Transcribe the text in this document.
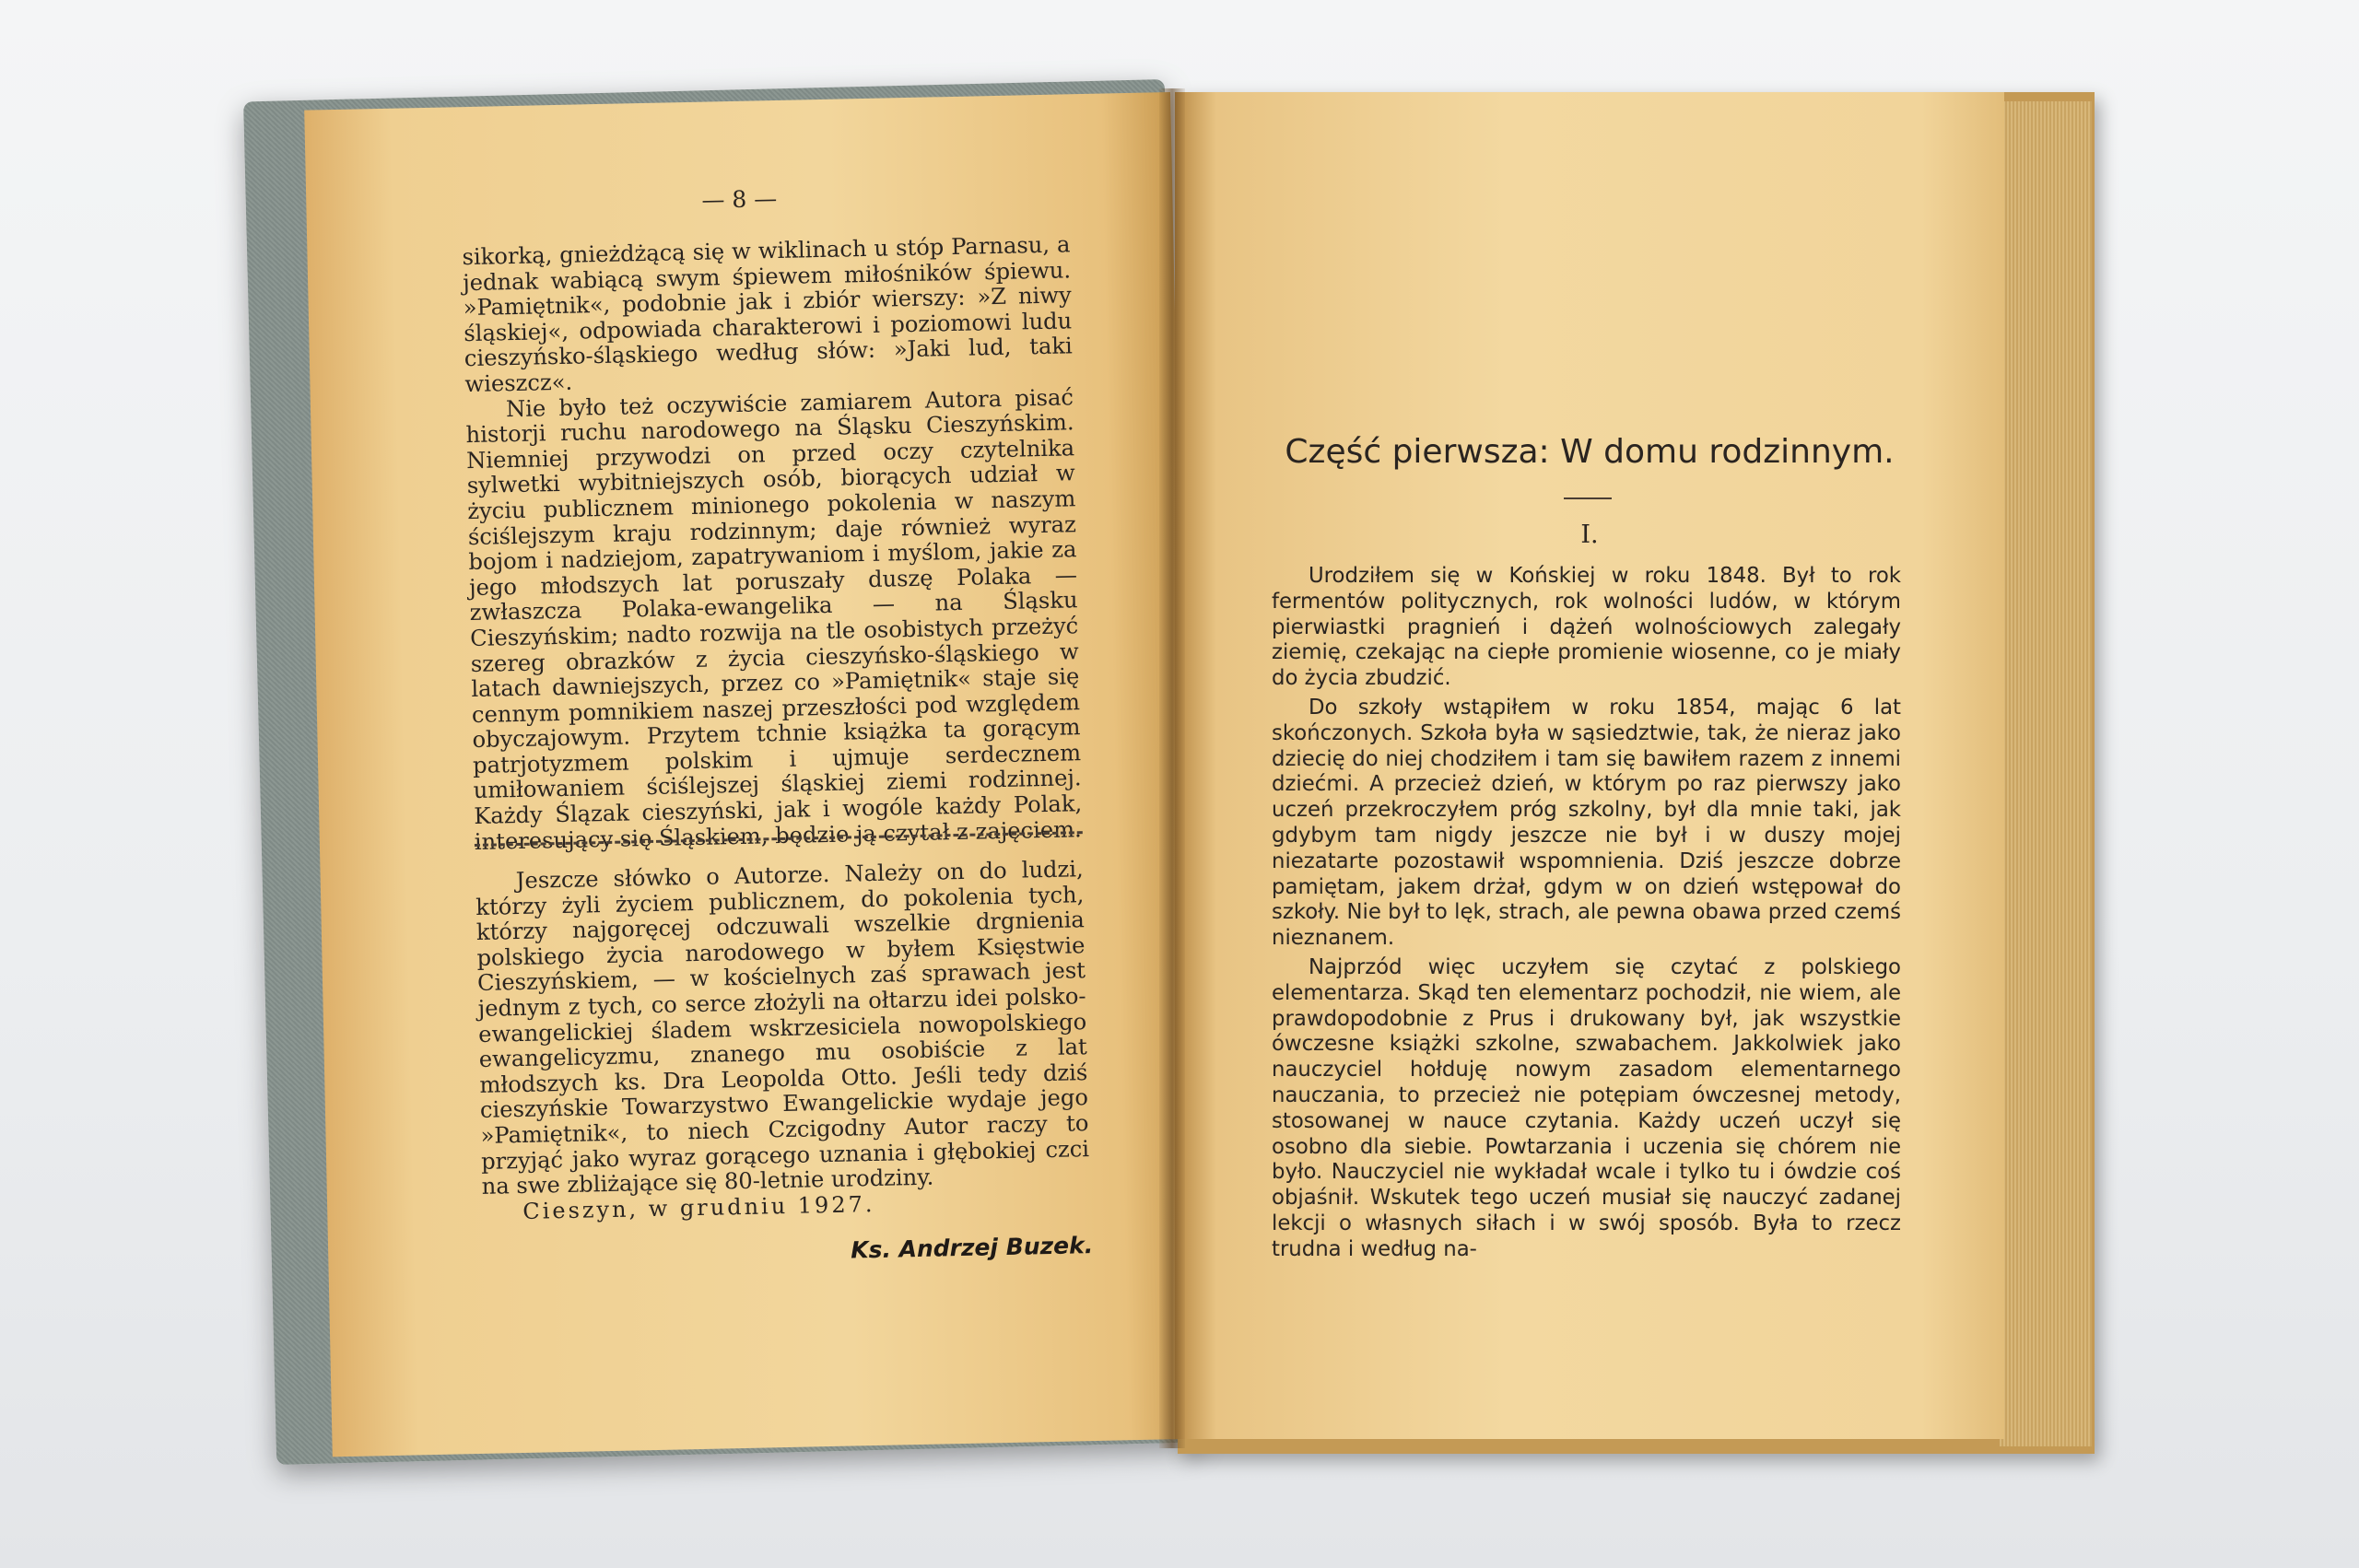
— 8 —

sikorką, gnieżdżącą się w wiklinach u stóp Parnasu, a jednak wabiącą swym śpiewem miłośników śpiewu. »Pamiętnik«, podobnie jak i zbiór wierszy: »Z niwy śląskiej«, odpowiada charakterowi i poziomowi ludu cieszyńsko-śląskiego według słów: »Jaki lud, taki wieszcz«.

Nie było też oczywiście zamiarem Autora pisać historji ruchu narodowego na Śląsku Cieszyńskim. Niemniej przywodzi on przed oczy czytelnika sylwetki wybitniejszych osób, biorących udział w życiu publicznem minionego pokolenia w naszym ściślejszym kraju rodzinnym; daje również wyraz bojom i nadziejom, zapatrywaniom i myślom, jakie za jego młodszych lat poruszały duszę Polaka — zwłaszcza Polaka-ewangelika — na Śląsku Cieszyńskim; nadto rozwija na tle osobistych przeżyć szereg obrazków z życia cieszyńsko-śląskiego w latach dawniejszych, przez co »Pamiętnik« staje się cennym pomnikiem naszej przeszłości pod względem obyczajowym. Przytem tchnie książka ta gorącym patrjotyzmem polskim i ujmuje serdecznem umiłowaniem ściślejszej śląskiej ziemi rodzinnej. Każdy Ślązak cieszyński, jak i wogóle każdy Polak, interesujący się Śląskiem, będzie ją czytał z zajęciem.

Jeszcze słówko o Autorze. Należy on do ludzi, którzy żyli życiem publicznem, do pokolenia tych, którzy najgoręcej odczuwali wszelkie drgnienia polskiego życia narodowego w byłem Księstwie Cieszyńskiem, — w kościelnych zaś sprawach jest jednym z tych, co serce złożyli na ołtarzu idei polsko-ewangelickiej śladem wskrzesiciela nowopolskiego ewangelicyzmu, znanego mu osobiście z lat młodszych ks. Dra Leopolda Otto. Jeśli tedy dziś cieszyńskie Towarzystwo Ewangelickie wydaje jego »Pamiętnik«, to niech Czcigodny Autor raczy to przyjąć jako wyraz gorącego uznania i głębokiej czci na swe zbliżające się 80-letnie urodziny.

Cieszyn, w grudniu 1927.
Ks. Andrzej Buzek.
Część pierwsza: W domu rodzinnym.
I.

Urodziłem się w Końskiej w roku 1848. Był to rok fermentów politycznych, rok wolności ludów, w którym pierwiastki pragnień i dążeń wolnościowych zalegały ziemię, czekając na ciepłe promienie wiosenne, co je miały do życia zbudzić.

Do szkoły wstąpiłem w roku 1854, mając 6 lat skończonych. Szkoła była w sąsiedztwie, tak, że nieraz jako dziecię do niej chodziłem i tam się bawiłem razem z innemi dziećmi. A przecież dzień, w którym po raz pierwszy jako uczeń przekroczyłem próg szkolny, był dla mnie taki, jak gdybym tam nigdy jeszcze nie był i w duszy mojej niezatarte pozostawił wspomnienia. Dziś jeszcze dobrze pamiętam, jakem drżał, gdym w on dzień wstępował do szkoły. Nie był to lęk, strach, ale pewna obawa przed czemś nieznanem.

Najprzód więc uczyłem się czytać z polskiego elementarza. Skąd ten elementarz pochodził, nie wiem, ale prawdopodobnie z Prus i drukowany był, jak wszystkie ówczesne książki szkolne, szwabachem. Jakkolwiek jako nauczyciel hołduję nowym zasadom elementarnego nauczania, to przecież nie potępiam ówczesnej metody, stosowanej w nauce czytania. Każdy uczeń uczył się osobno dla siebie. Powtarzania i uczenia się chórem nie było. Nauczyciel nie wykładał wcale i tylko tu i ówdzie coś objaśnił. Wskutek tego uczeń musiał się nauczyć zadanej lekcji o własnych siłach i w swój sposób. Była to rzecz trudna i według na-
